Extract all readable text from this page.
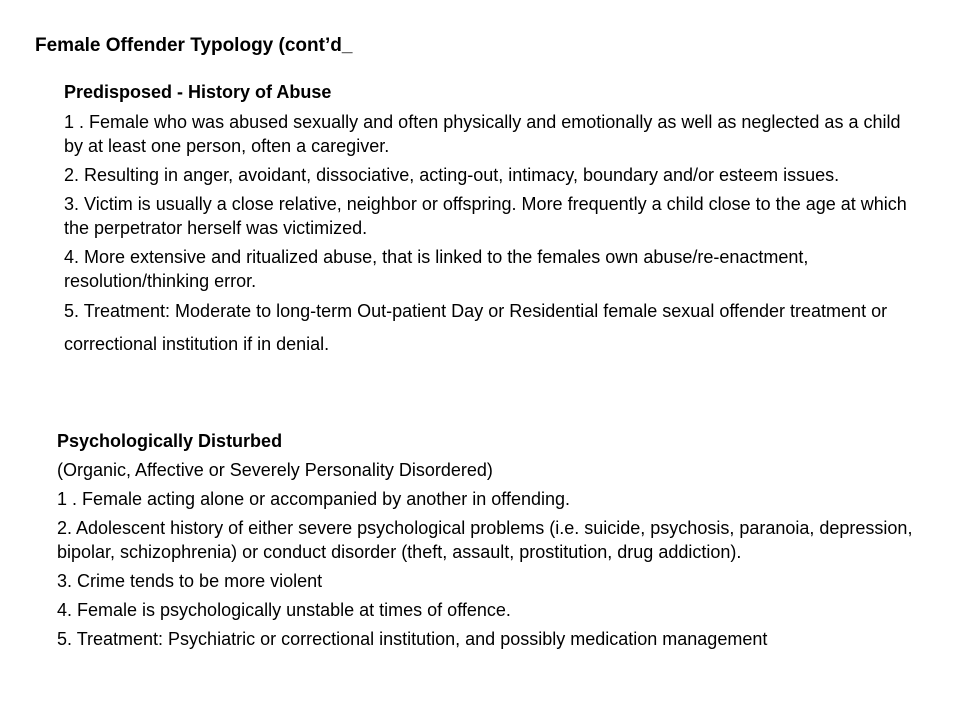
Female Offender Typology (cont’d_

Predisposed - History of Abuse

1 . Female who was abused sexually and often physically and emotionally as well as neglected as a child by at least one person, often a caregiver.

2. Resulting in anger, avoidant, dissociative, acting-out, intimacy, boundary and/or esteem issues.

3. Victim is usually a close relative, neighbor or offspring. More frequently a child close to the age at which the perpetrator herself was victimized.

4. More extensive and ritualized abuse, that is linked to the females own abuse/re-enactment, resolution/thinking error.

5. Treatment: Moderate to long-term Out-patient Day or Residential female sexual offender treatment or correctional institution if in denial.

Psychologically Disturbed

(Organic, Affective or Severely Personality Disordered)

1 . Female acting alone or accompanied by another in offending.

2. Adolescent history of either severe psychological problems (i.e. suicide, psychosis, paranoia, depression, bipolar, schizophrenia) or conduct disorder (theft, assault, prostitution, drug addiction).

3. Crime tends to be more violent

4. Female is psychologically unstable at times of offence.

5. Treatment: Psychiatric or correctional institution, and possibly medication management
